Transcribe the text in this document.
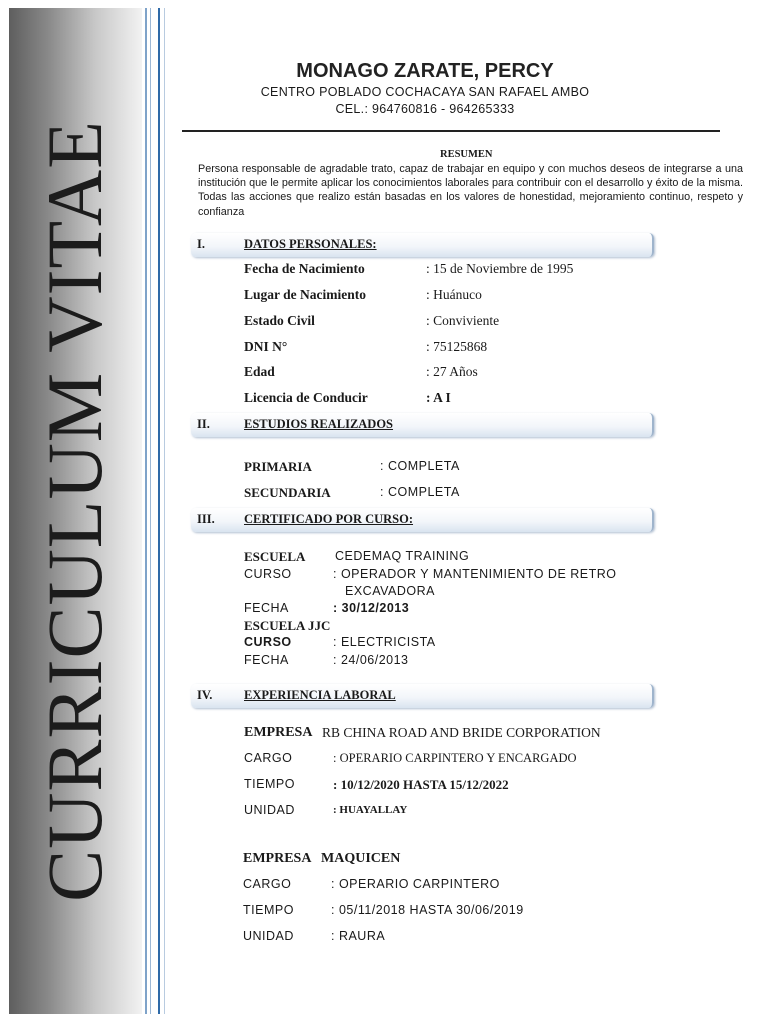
CURRICULUM VITAE
MONAGO ZARATE, PERCY
CENTRO POBLADO COCHACAYA SAN RAFAEL AMBO
CEL.: 964760816 - 964265333
RESUMEN
Persona responsable de agradable trato, capaz de trabajar en equipo y con muchos deseos de integrarse a una institución que le permite aplicar los conocimientos laborales para contribuir con el desarrollo y éxito de la misma. Todas las acciones que realizo están basadas en los valores de honestidad, mejoramiento continuo, respeto y confianza
I.	DATOS PERSONALES:
Fecha de Nacimiento	: 15 de Noviembre de 1995
Lugar de Nacimiento	: Huánuco
Estado Civil	: Conviviente
DNI N°	: 75125868
Edad	: 27 Años
Licencia de Conducir	: A I
II.	ESTUDIOS REALIZADOS
PRIMARIA	: COMPLETA
SECUNDARIA	: COMPLETA
III. CERTIFICADO POR CURSO:
ESCUELA CEDEMAQ TRAINING
CURSO	: OPERADOR Y MANTENIMIENTO DE RETRO
EXCAVADORA
FECHA	: 30/12/2013
ESCUELA JJC
CURSO	: ELECTRICISTA
FECHA	: 24/06/2013
IV.	EXPERIENCIA LABORAL
EMPRESA RB CHINA ROAD AND BRIDE CORPORATION
CARGO	: OPERARIO CARPINTERO Y ENCARGADO
TIEMPO	: 10/12/2020 HASTA 15/12/2022
UNIDAD	: HUAYALLAY
EMPRESA MAQUICEN
CARGO	: OPERARIO CARPINTERO
TIEMPO	: 05/11/2018 HASTA 30/06/2019
UNIDAD	: RAURA
